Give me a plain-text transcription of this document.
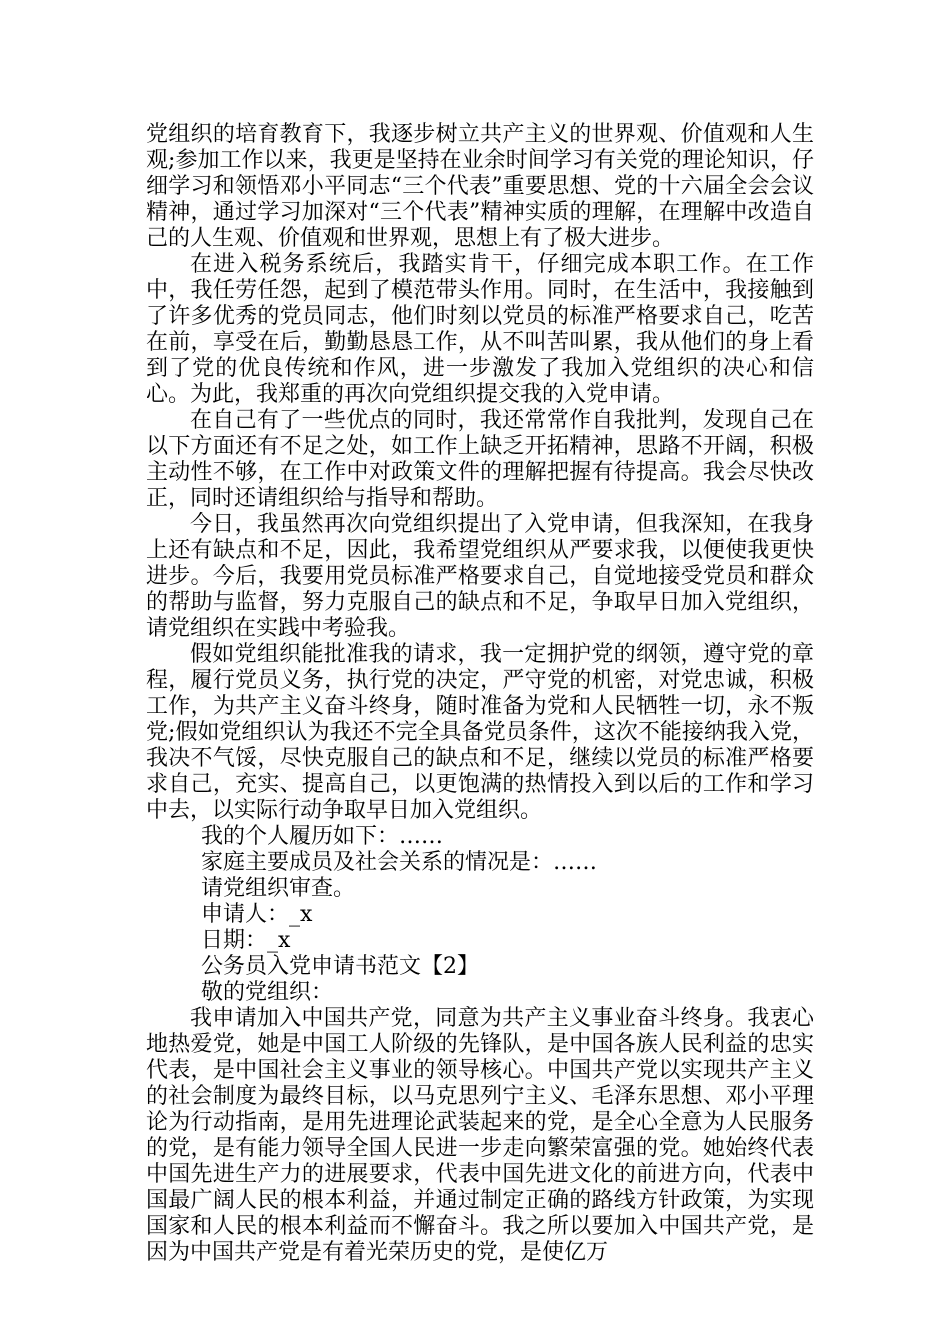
党组织的培育教育下，我逐步树立共产主义的世界观、价值观和人生观;参加工作以来，我更是坚持在业余时间学习有关党的理论知识，仔细学习和领悟邓小平同志“三个代表”重要思想、党的十六届全会会议精神，通过学习加深对“三个代表”精神实质的理解，在理解中改造自己的人生观、价值观和世界观，思想上有了极大进步。

在进入税务系统后，我踏实肯干，仔细完成本职工作。在工作中，我任劳任怨，起到了模范带头作用。同时，在生活中，我接触到了许多优秀的党员同志，他们时刻以党员的标准严格要求自己，吃苦在前，享受在后，勤勤恳恳工作，从不叫苦叫累，我从他们的身上看到了党的优良传统和作风，进一步激发了我加入党组织的决心和信心。为此，我郑重的再次向党组织提交我的入党申请。

在自己有了一些优点的同时，我还常常作自我批判，发现自己在以下方面还有不足之处，如工作上缺乏开拓精神，思路不开阔，积极主动性不够，在工作中对政策文件的理解把握有待提高。我会尽快改正，同时还请组织给与指导和帮助。

今日，我虽然再次向党组织提出了入党申请，但我深知，在我身上还有缺点和不足，因此，我希望党组织从严要求我，以便使我更快进步。今后，我要用党员标准严格要求自己，自觉地接受党员和群众的帮助与监督，努力克服自己的缺点和不足，争取早日加入党组织，请党组织在实践中考验我。

假如党组织能批准我的请求，我一定拥护党的纲领，遵守党的章程，履行党员义务，执行党的决定，严守党的机密，对党忠诚，积极工作，为共产主义奋斗终身，随时准备为党和人民牺牲一切，永不叛党;假如党组织认为我还不完全具备党员条件，这次不能接纳我入党，我决不气馁，尽快克服自己的缺点和不足，继续以党员的标准严格要求自己，充实、提高自己，以更饱满的热情投入到以后的工作和学习中去，以实际行动争取早日加入党组织。

我的个人履历如下：……

家庭主要成员及社会关系的情况是：……

请党组织审查。

申请人：_x

日期：_x

公务员入党申请书范文【2】

敬的党组织：

我申请加入中国共产党，同意为共产主义事业奋斗终身。我衷心地热爱党，她是中国工人阶级的先锋队，是中国各族人民利益的忠实代表，是中国社会主义事业的领导核心。中国共产党以实现共产主义的社会制度为最终目标，以马克思列宁主义、毛泽东思想、邓小平理论为行动指南，是用先进理论武装起来的党，是全心全意为人民服务的党，是有能力领导全国人民进一步走向繁荣富强的党。她始终代表中国先进生产力的进展要求，代表中国先进文化的前进方向，代表中国最广阔人民的根本利益，并通过制定正确的路线方针政策，为实现国家和人民的根本利益而不懈奋斗。我之所以要加入中国共产党，是因为中国共产党是有着光荣历史的党，是使亿万
